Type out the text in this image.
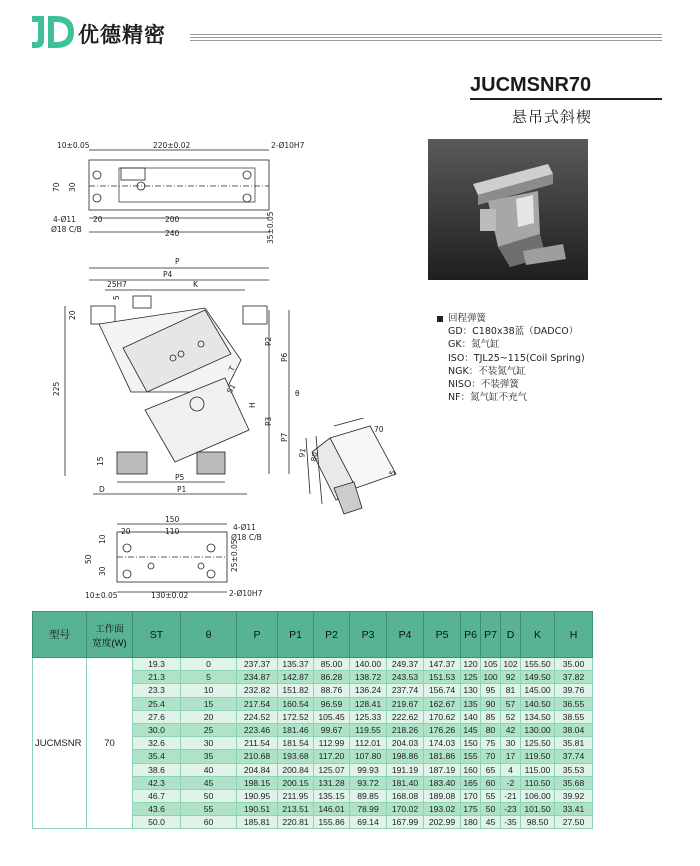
优德精密
JUCMSNR70
悬吊式斜楔
10±0.05	220±0.02	2-Ø10H7
70 30
4-Ø11
Ø18 C/B
20	200
240	35±0.05
P
P4
25H7	K
5
20
P2
P6
T
S1
H
θ
P3
P7
225
15
P5
D	P1
150
4-Ø11
20	110
Ø18 C/B
10
30
50	25±0.05
10±0.05	130±0.02	2-Ø10H7
70
91 80
5
回程弹簧
GD：C180x38蓝（DADCO）
GK：氮气缸
ISO：TJL25~115(Coil Spring)
NGK：不装氮气缸
NISO：不装弹簧
NF：氮气缸不充气
型号	工作面
宽度(W)	ST	θ	P	P1	P2	P3	P4	P5	P6	P7	D	K	H
JUCMSNR	70	19.3	0	237.37	135.37	85.00	140.00	249.37	147.37	120	105	102	155.50	35.00
		21.3	5	234.87	142.87	86.28	138.72	243.53	151.53	125	100	92	149.50	37.82
		23.3	10	232.82	151.82	88.76	136.24	237.74	156.74	130	95	81	145.00	39.76
		25.4	15	217.54	160.54	96.59	128.41	219.67	162.67	135	90	57	140.50	36.55
		27.6	20	224.52	172.52	105.45	125.33	222.62	170.62	140	85	52	134.50	38.55
		30.0	25	223.46	181.46	99.67	119.55	218.26	176.26	145	80	42	130.00	38.04
		32.6	30	211.54	181.54	112.99	112.01	204.03	174.03	150	75	30	125.50	35.81
		35.4	35	210.68	193.68	117.20	107.80	198.86	181.86	155	70	17	119.50	37.74
		38.6	40	204.84	200.84	125.07	99.93	191.19	187.19	160	65	4	115.00	35.53
		42.3	45	198.15	200.15	131.28	93.72	181.40	183.40	165	60	-2	110.50	35.68
		46.7	50	190.95	211.95	135.15	89.85	168.08	189.08	170	55	-21	106.00	39.92
		43.6	55	190.51	213.51	146.01	78.99	170.02	193.02	175	50	-23	101.50	33.41
		50.0	60	185.81	220.81	155.86	69.14	167.99	202.99	180	45	-35	98.50	27.50
